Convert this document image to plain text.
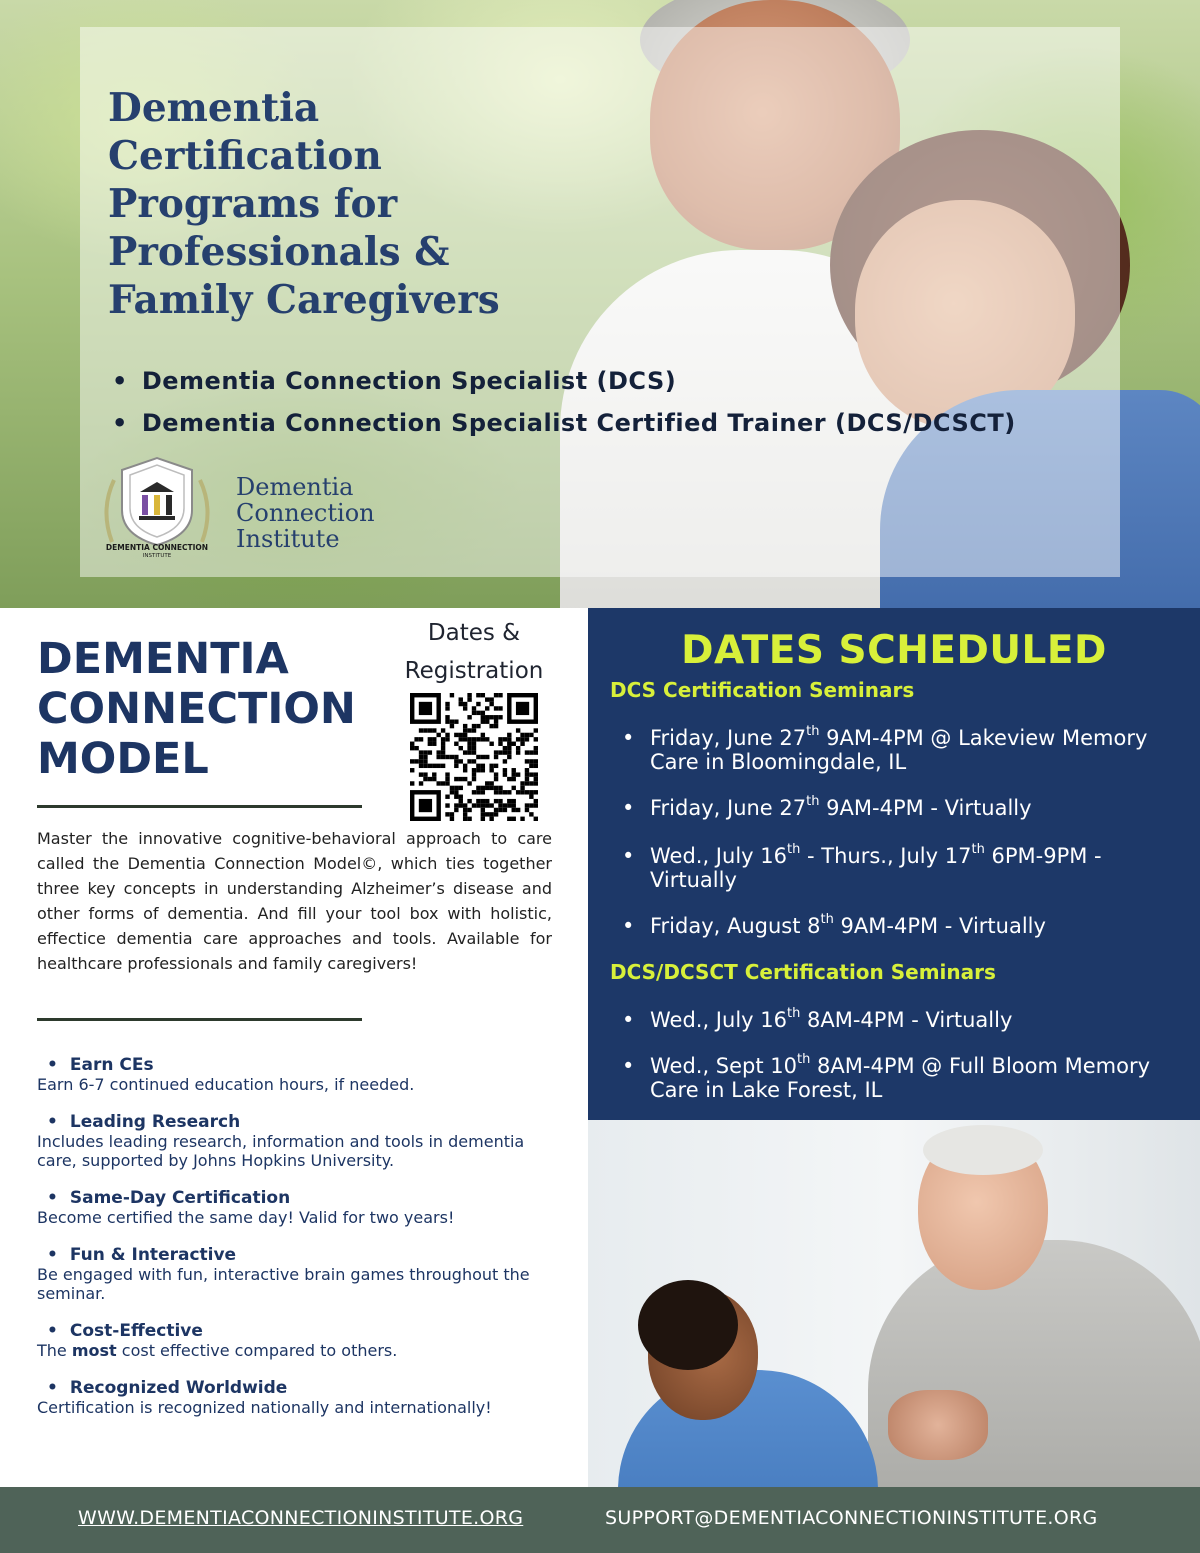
Dementia
Certification
Programs for
Professionals &
Family Caregivers
• Dementia Connection Specialist (DCS)
• Dementia Connection Specialist Certified Trainer (DCS/DCSCT)
DEMENTIA CONNECTION
INSTITUTE
Dementia
Connection
Institute
DEMENTIA
CONNECTION
MODEL
Dates &
Registration

Master the innovative cognitive-behavioral approach to care called the Dementia Connection Model©, which ties together three key concepts in understanding Alzheimer’s disease and other forms of dementia. And fill your tool box with holistic, effectice dementia care approaches and tools. Available for healthcare professionals and family caregivers!

• Earn CEs
Earn 6-7 continued education hours, if needed.
• Leading Research
Includes leading research, information and tools in dementia care, supported by Johns Hopkins University.
• Same-Day Certification
Become certified the same day! Valid for two years!
• Fun & Interactive
Be engaged with fun, interactive brain games throughout the seminar.
• Cost-Effective
The most cost effective compared to others.
• Recognized Worldwide
Certification is recognized nationally and internationally!
DATES SCHEDULED
DCS Certification Seminars
• Friday, June 27th 9AM-4PM @ Lakeview Memory Care in Bloomingdale, IL
• Friday, June 27th 9AM-4PM - Virtually
• Wed., July 16th - Thurs., July 17th 6PM-9PM - Virtually
• Friday, August 8th 9AM-4PM - Virtually
DCS/DCSCT Certification Seminars
• Wed., July 16th 8AM-4PM - Virtually
• Wed., Sept 10th 8AM-4PM @ Full Bloom Memory Care in Lake Forest, IL
WWW.DEMENTIACONNECTIONINSTITUTE.ORG	SUPPORT@DEMENTIACONNECTIONINSTITUTE.ORG
